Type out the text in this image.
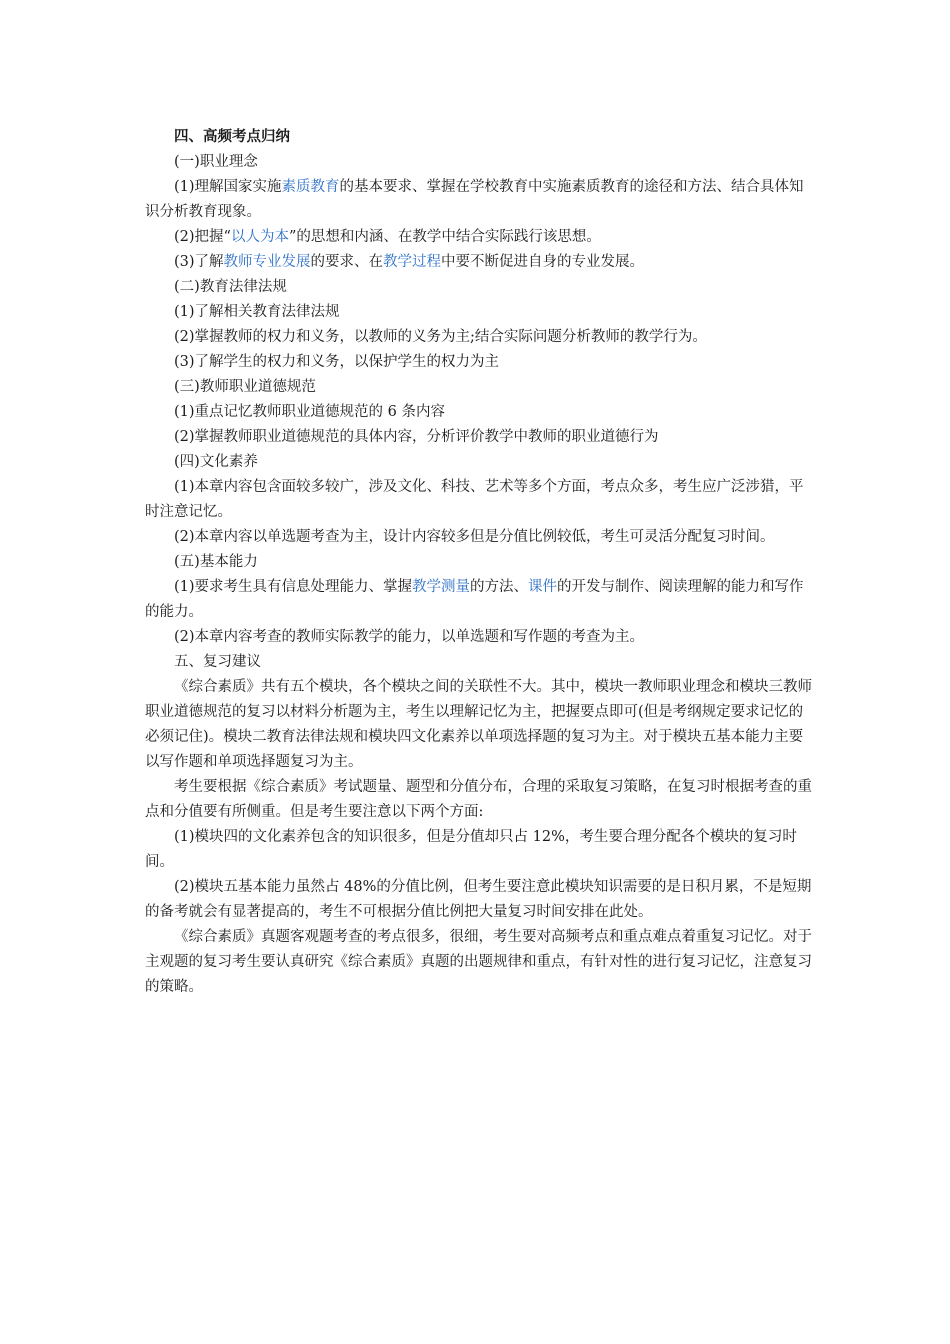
四、高频考点归纳

(一)职业理念

(1)理解国家实施素质教育的基本要求、掌握在学校教育中实施素质教育的途径和方法、结合具体知识分析教育现象。

(2)把握“以人为本”的思想和内涵、在教学中结合实际践行该思想。

(3)了解教师专业发展的要求、在教学过程中要不断促进自身的专业发展。

(二)教育法律法规

(1)了解相关教育法律法规

(2)掌握教师的权力和义务，以教师的义务为主;结合实际问题分析教师的教学行为。

(3)了解学生的权力和义务，以保护学生的权力为主

(三)教师职业道德规范

(1)重点记忆教师职业道德规范的 6 条内容

(2)掌握教师职业道德规范的具体内容，分析评价教学中教师的职业道德行为

(四)文化素养

(1)本章内容包含面较多较广，涉及文化、科技、艺术等多个方面，考点众多，考生应广泛涉猎，平时注意记忆。

(2)本章内容以单选题考查为主，设计内容较多但是分值比例较低，考生可灵活分配复习时间。

(五)基本能力

(1)要求考生具有信息处理能力、掌握教学测量的方法、课件的开发与制作、阅读理解的能力和写作的能力。

(2)本章内容考查的教师实际教学的能力，以单选题和写作题的考查为主。

五、复习建议

《综合素质》共有五个模块，各个模块之间的关联性不大。其中，模块一教师职业理念和模块三教师职业道德规范的复习以材料分析题为主，考生以理解记忆为主，把握要点即可(但是考纲规定要求记忆的必须记住)。模块二教育法律法规和模块四文化素养以单项选择题的复习为主。对于模块五基本能力主要以写作题和单项选择题复习为主。

考生要根据《综合素质》考试题量、题型和分值分布，合理的采取复习策略，在复习时根据考查的重点和分值要有所侧重。但是考生要注意以下两个方面:

(1)模块四的文化素养包含的知识很多，但是分值却只占 12%，考生要合理分配各个模块的复习时间。

(2)模块五基本能力虽然占 48%的分值比例，但考生要注意此模块知识需要的是日积月累，不是短期的备考就会有显著提高的，考生不可根据分值比例把大量复习时间安排在此处。

《综合素质》真题客观题考查的考点很多，很细，考生要对高频考点和重点难点着重复习记忆。对于主观题的复习考生要认真研究《综合素质》真题的出题规律和重点，有针对性的进行复习记忆，注意复习的策略。
